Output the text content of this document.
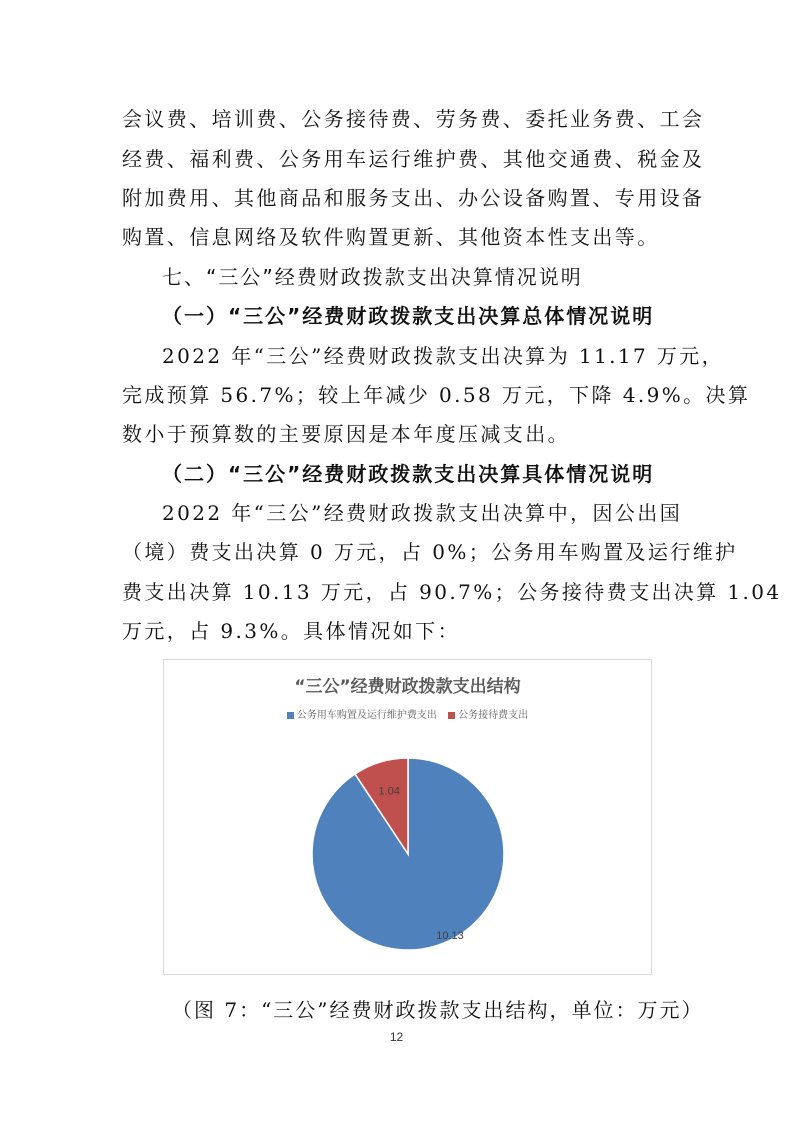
会议费、培训费、公务接待费、劳务费、委托业务费、工会
经费、福利费、公务用车运行维护费、其他交通费、税金及
附加费用、其他商品和服务支出、办公设备购置、专用设备
购置、信息网络及软件购置更新、其他资本性支出等。
七、“三公”经费财政拨款支出决算情况说明
（一）“三公”经费财政拨款支出决算总体情况说明
2022 年“三公”经费财政拨款支出决算为 11.17 万元，
完成预算 56.7%；较上年减少 0.58 万元，下降 4.9%。决算
数小于预算数的主要原因是本年度压减支出。
（二）“三公”经费财政拨款支出决算具体情况说明
2022 年“三公”经费财政拨款支出决算中，因公出国
（境）费支出决算 0 万元，占 0%；公务用车购置及运行维护
费支出决算 10.13 万元，占 90.7%；公务接待费支出决算 1.04
万元，占 9.3%。具体情况如下：
“三公”经费财政拨款支出结构
公务用车购置及运行维护费支出 公务接待费支出
10.13
1.04
（图 7：“三公”经费财政拨款支出结构，单位：万元）
12
